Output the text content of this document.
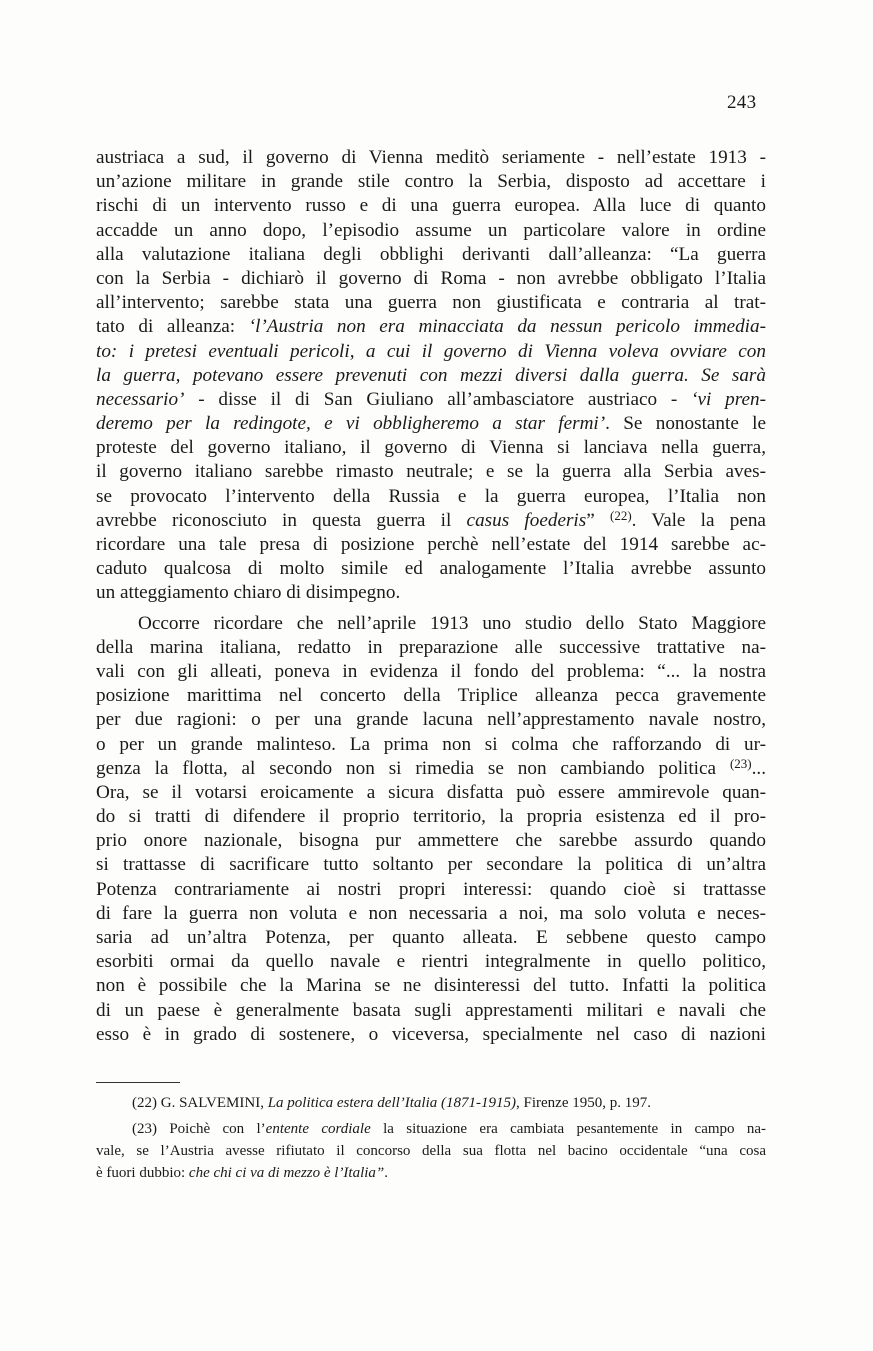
243
austriaca a sud, il governo di Vienna meditò seriamente - nell’estate 1913 -
un’azione militare in grande stile contro la Serbia, disposto ad accettare i
rischi di un intervento russo e di una guerra europea. Alla luce di quanto
accadde un anno dopo, l’episodio assume un particolare valore in ordine
alla valutazione italiana degli obblighi derivanti dall’alleanza: “La guerra
con la Serbia - dichiarò il governo di Roma - non avrebbe obbligato l’Italia
all’intervento; sarebbe stata una guerra non giustificata e contraria al trat-
tato di alleanza: ‘l’Austria non era minacciata da nessun pericolo immedia-
to: i pretesi eventuali pericoli, a cui il governo di Vienna voleva ovviare con
la guerra, potevano essere prevenuti con mezzi diversi dalla guerra. Se sarà
necessario’ - disse il di San Giuliano all’ambasciatore austriaco - ‘vi pren-
deremo per la redingote, e vi obbligheremo a star fermi’. Se nonostante le
proteste del governo italiano, il governo di Vienna si lanciava nella guerra,
il governo italiano sarebbe rimasto neutrale; e se la guerra alla Serbia aves-
se provocato l’intervento della Russia e la guerra europea, l’Italia non
avrebbe riconosciuto in questa guerra il casus foederis” $^{(22)}$. Vale la pena
ricordare una tale presa di posizione perchè nell’estate del 1914 sarebbe ac-
caduto qualcosa di molto simile ed analogamente l’Italia avrebbe assunto
un atteggiamento chiaro di disimpegno.
Occorre ricordare che nell’aprile 1913 uno studio dello Stato Maggiore
della marina italiana, redatto in preparazione alle successive trattative na-
vali con gli alleati, poneva in evidenza il fondo del problema: “... la nostra
posizione marittima nel concerto della Triplice alleanza pecca gravemente
per due ragioni: o per una grande lacuna nell’apprestamento navale nostro,
o per un grande malinteso. La prima non si colma che rafforzando di ur-
genza la flotta, al secondo non si rimedia se non cambiando politica $^{(23)}$...
Ora, se il votarsi eroicamente a sicura disfatta può essere ammirevole quan-
do si tratti di difendere il proprio territorio, la propria esistenza ed il pro-
prio onore nazionale, bisogna pur ammettere che sarebbe assurdo quando
si trattasse di sacrificare tutto soltanto per secondare la politica di un’altra
Potenza contrariamente ai nostri propri interessi: quando cioè si trattasse
di fare la guerra non voluta e non necessaria a noi, ma solo voluta e neces-
saria ad un’altra Potenza, per quanto alleata. E sebbene questo campo
esorbiti ormai da quello navale e rientri integralmente in quello politico,
non è possibile che la Marina se ne disinteressi del tutto. Infatti la politica
di un paese è generalmente basata sugli apprestamenti militari e navali che
esso è in grado di sostenere, o viceversa, specialmente nel caso di nazioni
(22) G. SALVEMINI, La politica estera dell’Italia (1871-1915), Firenze 1950, p. 197.
(23) Poichè con l’entente cordiale la situazione era cambiata pesantemente in campo na-
vale, se l’Austria avesse rifiutato il concorso della sua flotta nel bacino occidentale “una cosa
è fuori dubbio: che chi ci va di mezzo è l’Italia”.
